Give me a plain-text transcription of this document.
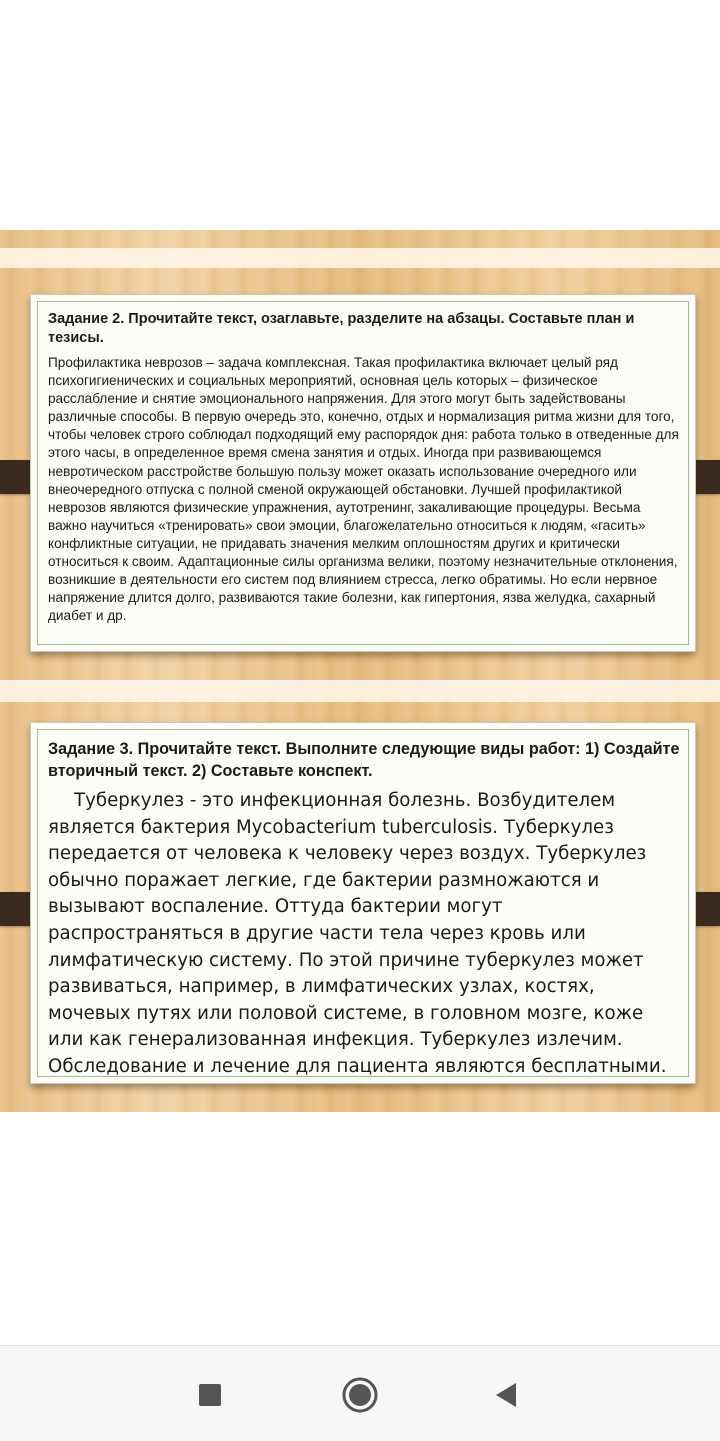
Задание 2. Прочитайте текст, озаглавьте, разделите на абзацы. Составьте план и тезисы.

Профилактика неврозов – задача комплексная. Такая профилактика включает целый ряд психогигиенических и социальных мероприятий, основная цель которых – физическое расслабление и снятие эмоционального напряжения. Для этого могут быть задействованы различные способы. В первую очередь это, конечно, отдых и нормализация ритма жизни для того, чтобы человек строго соблюдал подходящий ему распорядок дня: работа только в отведенные для этого часы, в определенное время смена занятия и отдых. Иногда при развивающемся невротическом расстройстве большую пользу может оказать использование очередного или внеочередного отпуска с полной сменой окружающей обстановки. Лучшей профилактикой неврозов являются физические упражнения, аутотренинг, закаливающие процедуры. Весьма важно научиться «тренировать» свои эмоции, благожелательно относиться к людям, «гасить» конфликтные ситуации, не придавать значения мелким оплошностям других и критически относиться к своим. Адаптационные силы организма велики, поэтому незначительные отклонения, возникшие в деятельности его систем под влиянием стресса, легко обратимы. Но если нервное напряжение длится долго, развиваются такие болезни, как гипертония, язва желудка, сахарный диабет и др.

Задание 3. Прочитайте текст. Выполните следующие виды работ: 1) Создайте вторичный текст. 2) Составьте конспект.

Туберкулез - это инфекционная болезнь. Возбудителем является бактерия Mycobacterium tuberculosis. Туберкулез передается от человека к человеку через воздух. Туберкулез обычно поражает легкие, где бактерии размножаются и вызывают воспаление. Оттуда бактерии могут распространяться в другие части тела через кровь или лимфатическую систему. По этой причине туберкулез может развиваться, например, в лимфатических узлах, костях, мочевых путях или половой системе, в головном мозге, коже или как генерализованная инфекция. Туберкулез излечим. Обследование и лечение для пациента являются бесплатными.
